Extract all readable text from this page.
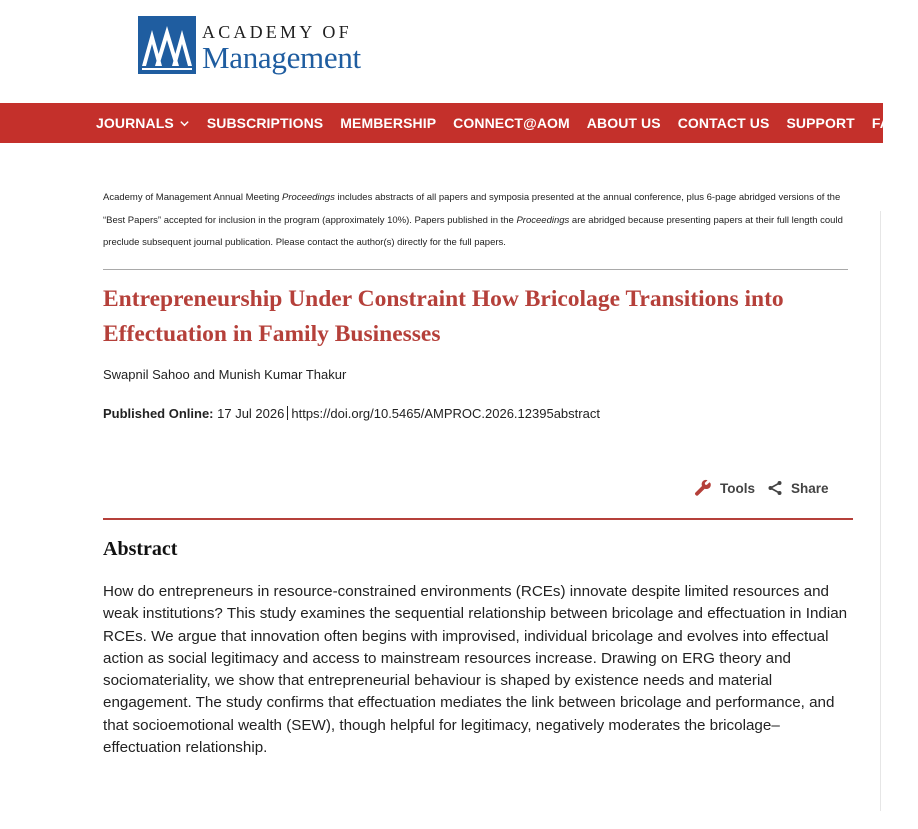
ACADEMY OF
Management
JOURNALS SUBSCRIPTIONS MEMBERSHIP CONNECT@AOM ABOUT US CONTACT US SUPPORT FAQ
Academy of Management Annual Meeting Proceedings includes abstracts of all papers and symposia presented at the annual conference, plus 6-page abridged versions of the “Best Papers” accepted for inclusion in the program (approximately 10%). Papers published in the Proceedings are abridged because presenting papers at their full length could preclude subsequent journal publication. Please contact the author(s) directly for the full papers.
Entrepreneurship Under Constraint How Bricolage Transitions into Effectuation in Family Businesses
Swapnil Sahoo and Munish Kumar Thakur
Published Online: 17 Jul 2026 https://doi.org/10.5465/AMPROC.2026.12395abstract
Tools	Share
Abstract

How do entrepreneurs in resource-constrained environments (RCEs) innovate despite limited resources and weak institutions? This study examines the sequential relationship between bricolage and effectuation in Indian RCEs. We argue that innovation often begins with improvised, individual bricolage and evolves into effectual action as social legitimacy and access to mainstream resources increase. Drawing on ERG theory and sociomateriality, we show that entrepreneurial behaviour is shaped by existence needs and material engagement. The study confirms that effectuation mediates the link between bricolage and performance, and that socioemotional wealth (SEW), though helpful for legitimacy, negatively moderates the bricolage–effectuation relationship.
